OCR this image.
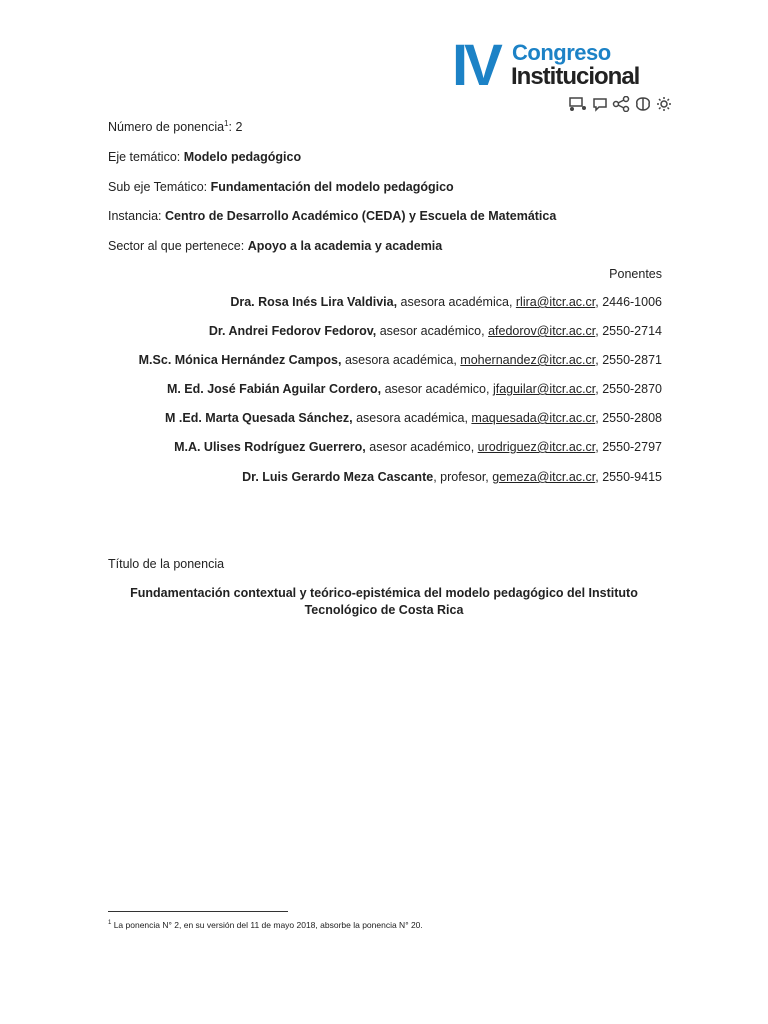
IV Congreso
Institucional
Número de ponencia$^1$: 2
Eje temático: Modelo pedagógico
Sub eje Temático: Fundamentación del modelo pedagógico
Instancia: Centro de Desarrollo Académico (CEDA) y Escuela de Matemática
Sector al que pertenece: Apoyo a la academia y academia
Ponentes
Dra. Rosa Inés Lira Valdivia, asesora académica, rlira@itcr.ac.cr, 2446-1006
Dr. Andrei Fedorov Fedorov, asesor académico, afedorov@itcr.ac.cr, 2550-2714
M.Sc. Mónica Hernández Campos, asesora académica, mohernandez@itcr.ac.cr, 2550-2871
M. Ed. José Fabián Aguilar Cordero, asesor académico, jfaguilar@itcr.ac.cr, 2550-2870
M .Ed. Marta Quesada Sánchez, asesora académica, maquesada@itcr.ac.cr, 2550-2808
M.A. Ulises Rodríguez Guerrero, asesor académico, urodriguez@itcr.ac.cr, 2550-2797
Dr. Luis Gerardo Meza Cascante, profesor, gemeza@itcr.ac.cr, 2550-9415
Título de la ponencia
Fundamentación contextual y teórico-epistémica del modelo pedagógico del Instituto
Tecnológico de Costa Rica
$^1$ La ponencia N° 2, en su versión del 11 de mayo 2018, absorbe la ponencia N° 20.
